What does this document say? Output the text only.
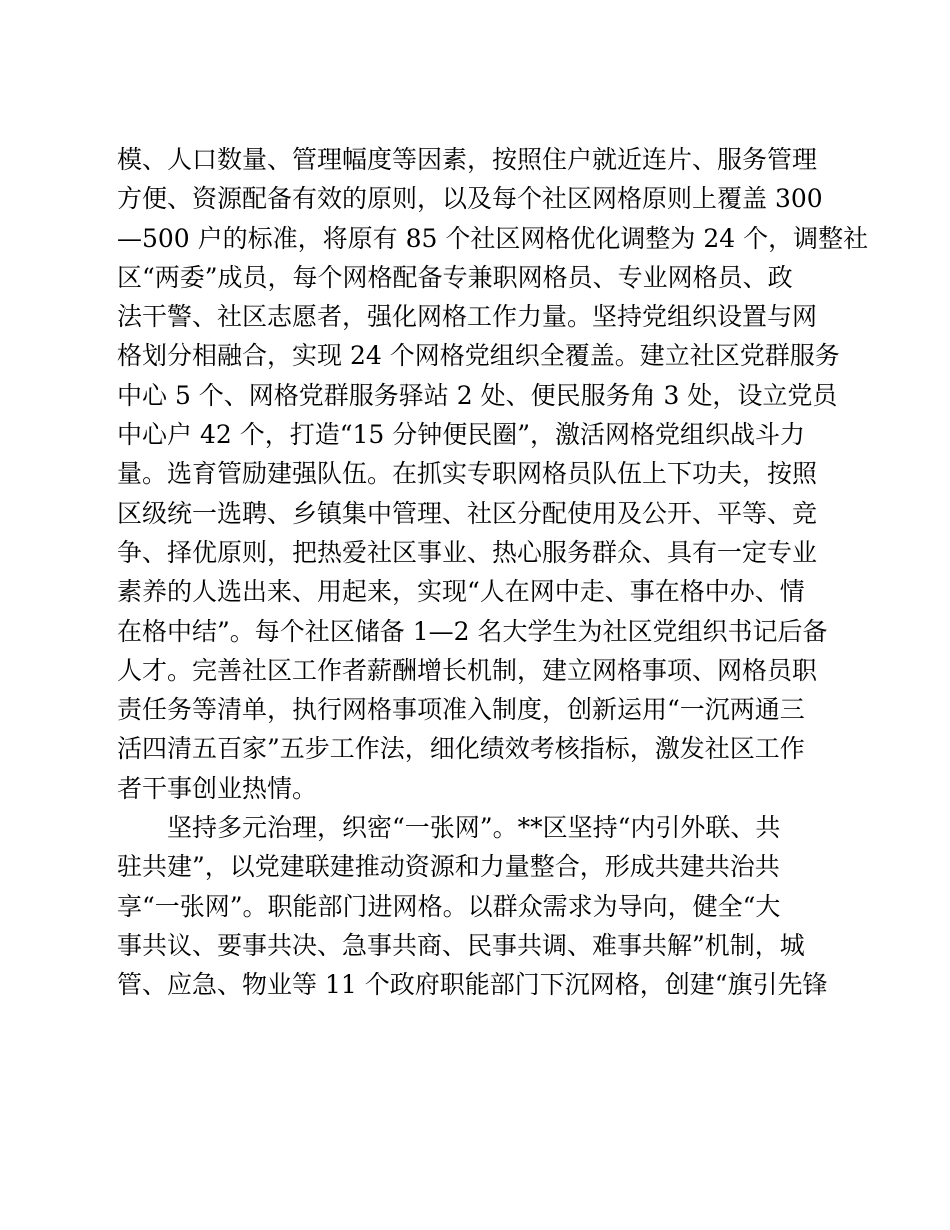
模、人口数量、管理幅度等因素，按照住户就近连片、服务管理
方便、资源配备有效的原则，以及每个社区网格原则上覆盖 300
—500 户的标准，将原有 85 个社区网格优化调整为 24 个，调整社
区“两委”成员，每个网格配备专兼职网格员、专业网格员、政
法干警、社区志愿者，强化网格工作力量。坚持党组织设置与网
格划分相融合，实现 24 个网格党组织全覆盖。建立社区党群服务
中心 5 个、网格党群服务驿站 2 处、便民服务角 3 处，设立党员
中心户 42 个，打造“15 分钟便民圈”，激活网格党组织战斗力
量。选育管励建强队伍。在抓实专职网格员队伍上下功夫，按照
区级统一选聘、乡镇集中管理、社区分配使用及公开、平等、竞
争、择优原则，把热爱社区事业、热心服务群众、具有一定专业
素养的人选出来、用起来，实现“人在网中走、事在格中办、情
在格中结”。每个社区储备 1—2 名大学生为社区党组织书记后备
人才。完善社区工作者薪酬增长机制，建立网格事项、网格员职
责任务等清单，执行网格事项准入制度，创新运用“一沉两通三
活四清五百家”五步工作法，细化绩效考核指标，激发社区工作
者干事创业热情。
坚持多元治理，织密“一张网”。**区坚持“内引外联、共
驻共建”，以党建联建推动资源和力量整合，形成共建共治共
享“一张网”。职能部门进网格。以群众需求为导向，健全“大
事共议、要事共决、急事共商、民事共调、难事共解”机制，城
管、应急、物业等 11 个政府职能部门下沉网格，创建“旗引先锋
